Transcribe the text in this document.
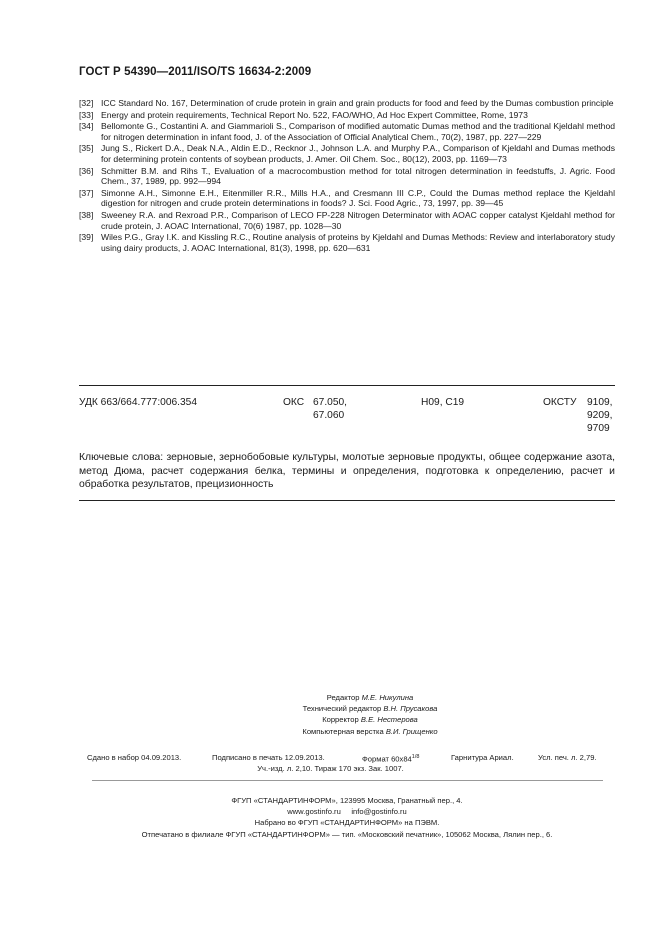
ГОСТ Р 54390—2011/ISO/TS 16634-2:2009
[32] ICC Standard No. 167, Determination of crude protein in grain and grain products for food and feed by the Dumas combustion principle
[33] Energy and protein requirements, Technical Report No. 522, FAO/WHO, Ad Hoc Expert Committee, Rome, 1973
[34] Bellomonte G., Costantini A. and Giammarioli S., Comparison of modified automatic Dumas method and the traditional Kjeldahl method for nitrogen determination in infant food, J. of the Association of Official Analytical Chem., 70(2), 1987, pp. 227—229
[35] Jung S., Rickert D.A., Deak N.A., Aldin E.D., Recknor J., Johnson L.A. and Murphy P.A., Comparison of Kjeldahl and Dumas methods for determining protein contents of soybean products, J. Amer. Oil Chem. Soc., 80(12), 2003, pp. 1169—73
[36] Schmitter B.M. and Rihs T., Evaluation of a macrocombustion method for total nitrogen determination in feedstuffs, J. Agric. Food Chem., 37, 1989, pp. 992—994
[37] Simonne A.H., Simonne E.H., Eitenmiller R.R., Mills H.A., and Cresmann III C.P., Could the Dumas method replace the Kjeldahl digestion for nitrogen and crude protein determinations in foods? J. Sci. Food Agric., 73, 1997, pp. 39—45
[38] Sweeney R.A. and Rexroad P.R., Comparison of LECO FP-228 Nitrogen Determinator with AOAC copper catalyst Kjeldahl method for crude protein, J. AOAC International, 70(6) 1987, pp. 1028—30
[39] Wiles P.G., Gray I.K. and Kissling R.C., Routine analysis of proteins by Kjeldahl and Dumas Methods: Review and interlaboratory study using dairy products, J. AOAC International, 81(3), 1998, pp. 620—631
УДК 663/664.777:006.354	ОКС 67.050,
67.060
Н09, С19	ОКСТУ 9109,
9209,
9709
Ключевые слова: зерновые, зернобобовые культуры, молотые зерновые продукты, общее содержание азота, метод Дюма, расчет содержания белка, термины и определения, подготовка к определению, расчет и обработка результатов, прецизионность
Редактор М.Е. Никулина
Технический редактор В.Н. Прусакова
Корректор В.Е. Нестерова
Компьютерная верстка В.И. Грищенко
Сдано в набор 04.09.2013.	Подписано в печать 12.09.2013.	Формат $60х84^{1/8}$	Гарнитура Ариал.	Усл. печ. л. 2,79.
Уч.-изд. л. 2,10. Тираж 170 экз. Зак. 1007.
ФГУП «СТАНДАРТИНФОРМ», 123995 Москва, Гранатный пер., 4.
www.gostinfo.ru info@gostinfo.ru
Набрано во ФГУП «СТАНДАРТИНФОРМ» на ПЭВМ.
Отпечатано в филиале ФГУП «СТАНДАРТИНФОРМ» — тип. «Московский печатник», 105062 Москва, Лялин пер., 6.
